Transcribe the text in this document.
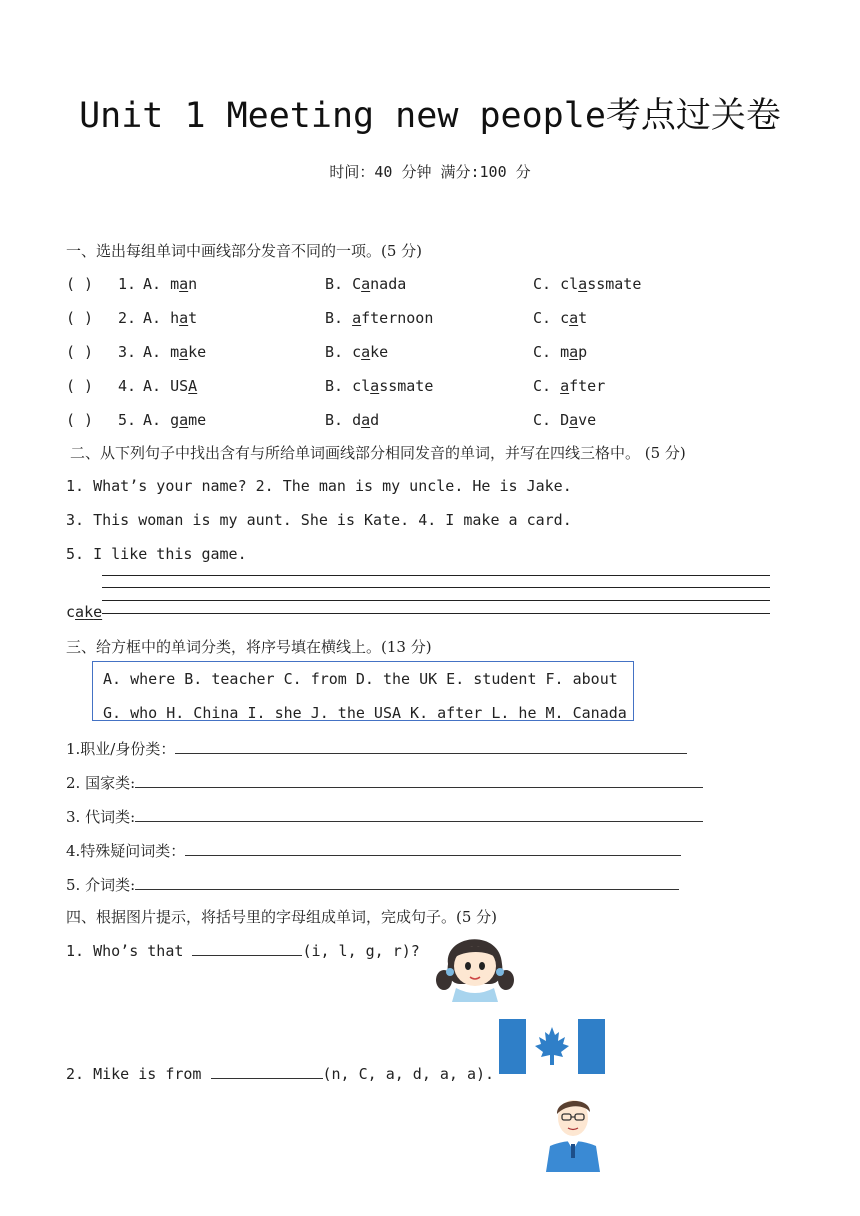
Unit 1 Meeting new people考点过关卷
时间：40 分钟 满分:100 分
一、选出每组单词中画线部分发音不同的一项。(5 分)
( ) 1. A. man	B. Canada	C. classmate
( ) 2. A. hat	B. afternoon	C. cat
( ) 3. A. make	B. cake	C. map
( ) 4. A. USA	B. classmate	C. after
( ) 5. A. game	B. dad	C. Dave
二、从下列句子中找出含有与所给单词画线部分相同发音的单词，并写在四线三格中。 (5 分)
1. What’s your name? 2. The man is my uncle. He is Jake.
3. This woman is my aunt. She is Kate. 4. I make a card.
5. I like this game.
cake
三、给方框中的单词分类，将序号填在横线上。(13 分)
A. where B. teacher C. from D. the UK E. student F. about
G. who H. China I. she J. the USA K. after L. he M. Canada
1.职业/身份类：
2. 国家类:
3. 代词类:
4.特殊疑问词类：
5. 介词类:
四、根据图片提示，将括号里的字母组成单词，完成句子。(5 分)
1. Who’s that	(i, l, g, r)?
2. Mike is from	(n, C, a, d, a, a).
